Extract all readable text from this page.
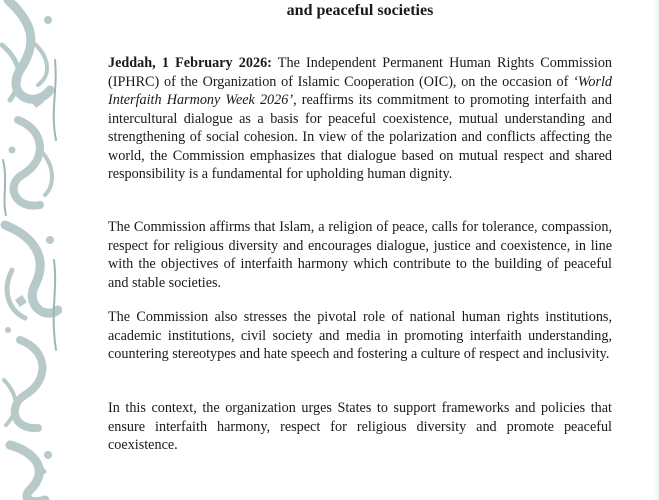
and peaceful societies

Jeddah, 1 February 2026: The Independent Permanent Human Rights Commission (IPHRC) of the Organization of Islamic Cooperation (OIC), on the occasion of ‘World Interfaith Harmony Week 2026’, reaffirms its commitment to promoting interfaith and intercultural dialogue as a basis for peaceful coexistence, mutual understanding and strengthening of social cohesion. In view of the polarization and conflicts affecting the world, the Commission emphasizes that dialogue based on mutual respect and shared responsibility is a fundamental for upholding human dignity.

The Commission affirms that Islam, a religion of peace, calls for tolerance, compassion, respect for religious diversity and encourages dialogue, justice and coexistence, in line with the objectives of interfaith harmony which contribute to the building of peaceful and stable societies.

The Commission also stresses the pivotal role of national human rights institutions, academic institutions, civil society and media in promoting interfaith understanding, countering stereotypes and hate speech and fostering a culture of respect and inclusivity.

In this context, the organization urges States to support frameworks and policies that ensure interfaith harmony, respect for religious diversity and promote peaceful coexistence.
